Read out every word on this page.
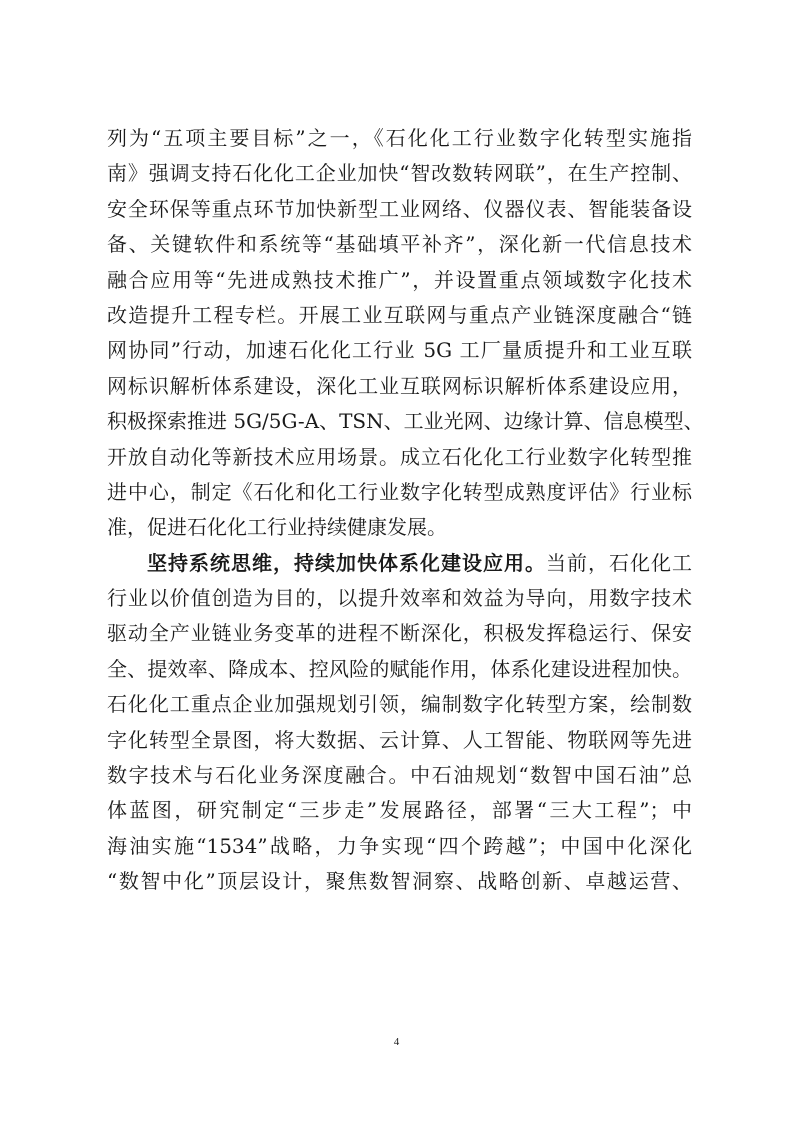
列为“五项主要目标”之一，《石化化工行业数字化转型实施指
南》强调支持石化化工企业加快“智改数转网联”，在生产控制、
安全环保等重点环节加快新型工业网络、仪器仪表、智能装备设
备、关键软件和系统等“基础填平补齐”，深化新一代信息技术
融合应用等“先进成熟技术推广”，并设置重点领域数字化技术
改造提升工程专栏。开展工业互联网与重点产业链深度融合“链
网协同”行动，加速石化化工行业 5G 工厂量质提升和工业互联
网标识解析体系建设，深化工业互联网标识解析体系建设应用，
积极探索推进 5G/5G-A、TSN、工业光网、边缘计算、信息模型、
开放自动化等新技术应用场景。成立石化化工行业数字化转型推
进中心，制定《石化和化工行业数字化转型成熟度评估》行业标
准，促进石化化工行业持续健康发展。
坚持系统思维，持续加快体系化建设应用。当前，石化化工
行业以价值创造为目的，以提升效率和效益为导向，用数字技术
驱动全产业链业务变革的进程不断深化，积极发挥稳运行、保安
全、提效率、降成本、控风险的赋能作用，体系化建设进程加快。
石化化工重点企业加强规划引领，编制数字化转型方案，绘制数
字化转型全景图，将大数据、云计算、人工智能、物联网等先进
数字技术与石化业务深度融合。中石油规划“数智中国石油”总
体蓝图，研究制定“三步走”发展路径，部署“三大工程”；中
海油实施“1534”战略，力争实现“四个跨越”；中国中化深化
“数智中化”顶层设计，聚焦数智洞察、战略创新、卓越运营、
4
